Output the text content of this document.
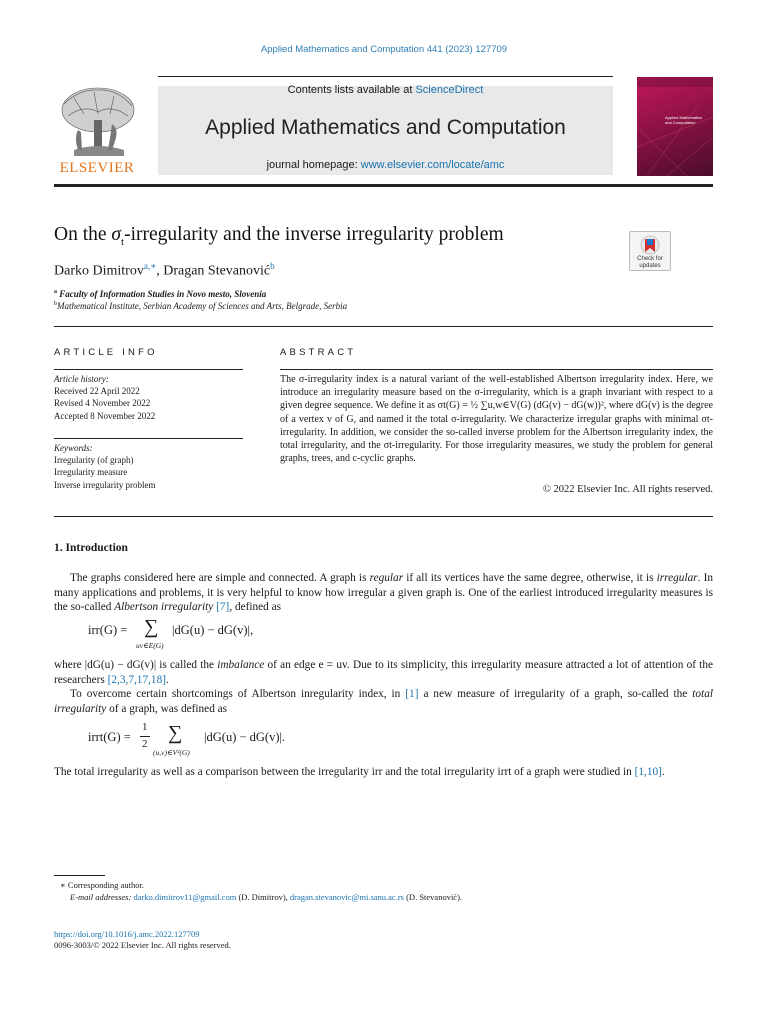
Applied Mathematics and Computation 441 (2023) 127709
ELSEVIER
Contents lists available at ScienceDirect
Applied Mathematics and Computation
journal homepage: www.elsevier.com/locate/amc
Applied Mathematics and Computation
On the $\sigma_t$-irregularity and the inverse irregularity problem
Check for updates
Darko Dimitrov$^{a,∗}$, Dragan Stevanović$^b$
$^a$ Faculty of Information Studies in Novo mesto, Slovenia
$^b$Mathematical Institute, Serbian Academy of Sciences and Arts, Belgrade, Serbia
ARTICLE INFO
Article history:
Received 22 April 2022
Revised 4 November 2022
Accepted 8 November 2022
Keywords:
Irregularity (of graph)
Irregularity measure
Inverse irregularity problem
ABSTRACT
The σ-irregularity index is a natural variant of the well-established Albertson irregularity index. Here, we introduce an irregularity measure based on the σ-irregularity, which is a graph invariant with respect to a given degree sequence. We define it as σt(G) = ½ ∑u,w∈V(G) (dG(v) − dG(w))², where dG(v) is the degree of a vertex v of G, and named it the total σ-irregularity. We characterize irregular graphs with minimal σt-irregularity. In addition, we consider the so-called inverse problem for the Albertson irregularity index, the total irregularity, and the σt-irregularity. For those irregularity measures, we study the problem for general graphs, trees, and c-cyclic graphs.
© 2022 Elsevier Inc. All rights reserved.
1. Introduction
The graphs considered here are simple and connected. A graph is regular if all its vertices have the same degree, otherwise, it is irregular. In many applications and problems, it is very helpful to know how irregular a given graph is. One of the earliest introduced irregularity measures is the so-called Albertson irregularity [7], defined as
irr(G) = ∑
uv∈E(G)
|dG(u) − dG(v)|,
where |dG(u) − dG(v)| is called the imbalance of an edge e = uv. Due to its simplicity, this irregularity measure attracted a lot of attention of the researchers [2,3,7,17,18].
To overcome certain shortcomings of Albertson inregularity index, in [1] a new measure of irregularity of a graph, so-called the total irregularity of a graph, was defined as
irrt(G) =
1
2 ∑
(u,v)∈V²(G)
|dG(u) − dG(v)|.
The total irregularity as well as a comparison between the irregularity irr and the total irregularity irrt of a graph were studied in [1,10].
∗ Corresponding author.
E-mail addresses: darko.dimitrov11@gmail.com (D. Dimitrov), dragan.stevanovic@mi.sanu.ac.rs (D. Stevanović).
https://doi.org/10.1016/j.amc.2022.127709
0096-3003/© 2022 Elsevier Inc. All rights reserved.
